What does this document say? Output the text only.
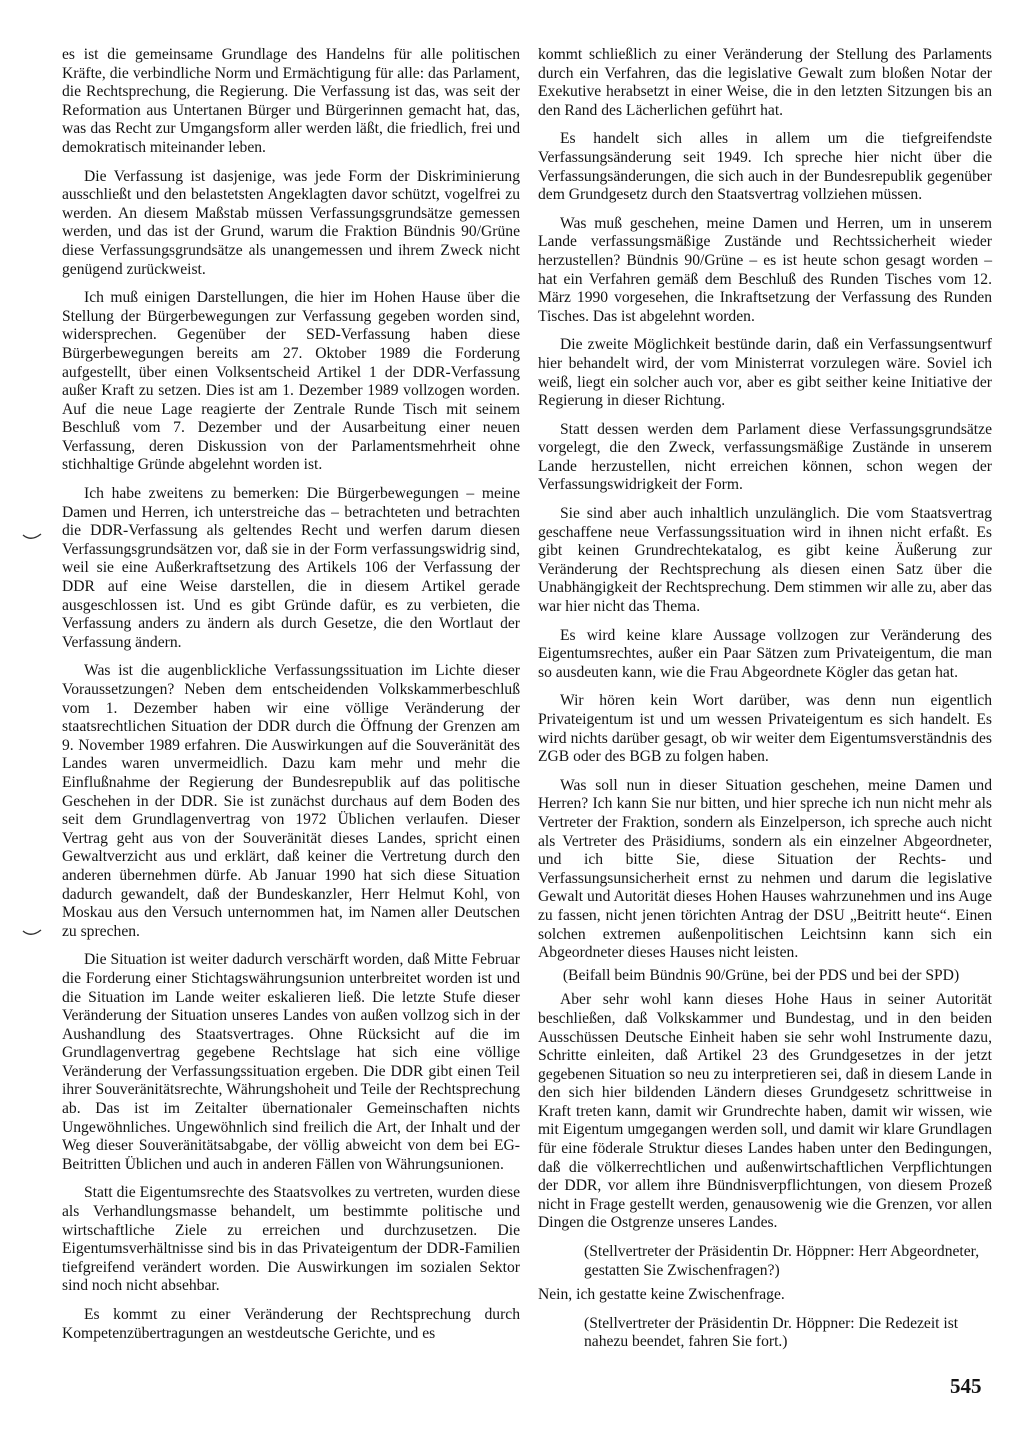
es ist die gemeinsame Grundlage des Handelns für alle politischen Kräfte, die verbindliche Norm und Ermächtigung für alle: das Parlament, die Rechtsprechung, die Regierung. Die Verfassung ist das, was seit der Reformation aus Untertanen Bürger und Bürgerinnen gemacht hat, das, was das Recht zur Umgangsform aller werden läßt, die friedlich, frei und demokratisch miteinander leben.

Die Verfassung ist dasjenige, was jede Form der Diskriminierung ausschließt und den belastetsten Angeklagten davor schützt, vogelfrei zu werden. An diesem Maßstab müssen Verfassungsgrundsätze gemessen werden, und das ist der Grund, warum die Fraktion Bündnis 90/Grüne diese Verfassungsgrundsätze als unangemessen und ihrem Zweck nicht genügend zurückweist.

Ich muß einigen Darstellungen, die hier im Hohen Hause über die Stellung der Bürgerbewegungen zur Verfassung gegeben worden sind, widersprechen. Gegenüber der SED-Verfassung haben diese Bürgerbewegungen bereits am 27. Oktober 1989 die Forderung aufgestellt, über einen Volksentscheid Artikel 1 der DDR-Verfassung außer Kraft zu setzen. Dies ist am 1. Dezember 1989 vollzogen worden. Auf die neue Lage reagierte der Zentrale Runde Tisch mit seinem Beschluß vom 7. Dezember und der Ausarbeitung einer neuen Verfassung, deren Diskussion von der Parlamentsmehrheit ohne stichhaltige Gründe abgelehnt worden ist.

Ich habe zweitens zu bemerken: Die Bürgerbewegungen – meine Damen und Herren, ich unterstreiche das – betrachteten und betrachten die DDR-Verfassung als geltendes Recht und werfen darum diesen Verfassungsgrundsätzen vor, daß sie in der Form verfassungswidrig sind, weil sie eine Außerkraftsetzung des Artikels 106 der Verfassung der DDR auf eine Weise darstellen, die in diesem Artikel gerade ausgeschlossen ist. Und es gibt Gründe dafür, es zu verbieten, die Verfassung anders zu ändern als durch Gesetze, die den Wortlaut der Verfassung ändern.

Was ist die augenblickliche Verfassungssituation im Lichte dieser Voraussetzungen? Neben dem entscheidenden Volkskammerbeschluß vom 1. Dezember haben wir eine völlige Veränderung der staatsrechtlichen Situation der DDR durch die Öffnung der Grenzen am 9. November 1989 erfahren. Die Auswirkungen auf die Souveränität des Landes waren unvermeidlich. Dazu kam mehr und mehr die Einflußnahme der Regierung der Bundesrepublik auf das politische Geschehen in der DDR. Sie ist zunächst durchaus auf dem Boden des seit dem Grundlagenvertrag von 1972 Üblichen verlaufen. Dieser Vertrag geht aus von der Souveränität dieses Landes, spricht einen Gewaltverzicht aus und erklärt, daß keiner die Vertretung durch den anderen übernehmen dürfe. Ab Januar 1990 hat sich diese Situation dadurch gewandelt, daß der Bundeskanzler, Herr Helmut Kohl, von Moskau aus den Versuch unternommen hat, im Namen aller Deutschen zu sprechen.

Die Situation ist weiter dadurch verschärft worden, daß Mitte Februar die Forderung einer Stichtagswährungsunion unterbreitet worden ist und die Situation im Lande weiter eskalieren ließ. Die letzte Stufe dieser Veränderung der Situation unseres Landes von außen vollzog sich in der Aushandlung des Staatsvertrages. Ohne Rücksicht auf die im Grundlagenvertrag gegebene Rechtslage hat sich eine völlige Veränderung der Verfassungssituation ergeben. Die DDR gibt einen Teil ihrer Souveränitätsrechte, Währungshoheit und Teile der Rechtsprechung ab. Das ist im Zeitalter übernationaler Gemeinschaften nichts Ungewöhnliches. Ungewöhnlich sind freilich die Art, der Inhalt und der Weg dieser Souveränitätsabgabe, der völlig abweicht von dem bei EG-Beitritten Üblichen und auch in anderen Fällen von Währungsunionen.

Statt die Eigentumsrechte des Staatsvolkes zu vertreten, wurden diese als Verhandlungsmasse behandelt, um bestimmte politische und wirtschaftliche Ziele zu erreichen und durchzusetzen. Die Eigentumsverhältnisse sind bis in das Privateigentum der DDR-Familien tiefgreifend verändert worden. Die Auswirkungen im sozialen Sektor sind noch nicht absehbar.

Es kommt zu einer Veränderung der Rechtsprechung durch Kompetenzübertragungen an westdeutsche Gerichte, und es

kommt schließlich zu einer Veränderung der Stellung des Parlaments durch ein Verfahren, das die legislative Gewalt zum bloßen Notar der Exekutive herabsetzt in einer Weise, die in den letzten Sitzungen bis an den Rand des Lächerlichen geführt hat.

Es handelt sich alles in allem um die tiefgreifendste Verfassungsänderung seit 1949. Ich spreche hier nicht über die Verfassungsänderungen, die sich auch in der Bundesrepublik gegenüber dem Grundgesetz durch den Staatsvertrag vollziehen müssen.

Was muß geschehen, meine Damen und Herren, um in unserem Lande verfassungsmäßige Zustände und Rechtssicherheit wieder herzustellen? Bündnis 90/Grüne – es ist heute schon gesagt worden – hat ein Verfahren gemäß dem Beschluß des Runden Tisches vom 12. März 1990 vorgesehen, die Inkraftsetzung der Verfassung des Runden Tisches. Das ist abgelehnt worden.

Die zweite Möglichkeit bestünde darin, daß ein Verfassungsentwurf hier behandelt wird, der vom Ministerrat vorzulegen wäre. Soviel ich weiß, liegt ein solcher auch vor, aber es gibt seither keine Initiative der Regierung in dieser Richtung.

Statt dessen werden dem Parlament diese Verfassungsgrundsätze vorgelegt, die den Zweck, verfassungsmäßige Zustände in unserem Lande herzustellen, nicht erreichen können, schon wegen der Verfassungswidrigkeit der Form.

Sie sind aber auch inhaltlich unzulänglich. Die vom Staatsvertrag geschaffene neue Verfassungssituation wird in ihnen nicht erfaßt. Es gibt keinen Grundrechtekatalog, es gibt keine Äußerung zur Veränderung der Rechtsprechung als diesen einen Satz über die Unabhängigkeit der Rechtsprechung. Dem stimmen wir alle zu, aber das war hier nicht das Thema.

Es wird keine klare Aussage vollzogen zur Veränderung des Eigentumsrechtes, außer ein Paar Sätzen zum Privateigentum, die man so ausdeuten kann, wie die Frau Abgeordnete Kögler das getan hat.

Wir hören kein Wort darüber, was denn nun eigentlich Privateigentum ist und um wessen Privateigentum es sich handelt. Es wird nichts darüber gesagt, ob wir weiter dem Eigentumsverständnis des ZGB oder des BGB zu folgen haben.

Was soll nun in dieser Situation geschehen, meine Damen und Herren? Ich kann Sie nur bitten, und hier spreche ich nun nicht mehr als Vertreter der Fraktion, sondern als Einzelperson, ich spreche auch nicht als Vertreter des Präsidiums, sondern als ein einzelner Abgeordneter, und ich bitte Sie, diese Situation der Rechts- und Verfassungsunsicherheit ernst zu nehmen und darum die legislative Gewalt und Autorität dieses Hohen Hauses wahrzunehmen und ins Auge zu fassen, nicht jenen törichten Antrag der DSU „Beitritt heute“. Einen solchen extremen außenpolitischen Leichtsinn kann sich ein Abgeordneter dieses Hauses nicht leisten.

(Beifall beim Bündnis 90/Grüne, bei der PDS und bei der SPD)

Aber sehr wohl kann dieses Hohe Haus in seiner Autorität beschließen, daß Volkskammer und Bundestag, und in den beiden Ausschüssen Deutsche Einheit haben sie sehr wohl Instrumente dazu, Schritte einleiten, daß Artikel 23 des Grundgesetzes in der jetzt gegebenen Situation so neu zu interpretieren sei, daß in diesem Lande in den sich hier bildenden Ländern dieses Grundgesetz schrittweise in Kraft treten kann, damit wir Grundrechte haben, damit wir wissen, wie mit Eigentum umgegangen werden soll, und damit wir klare Grundlagen für eine föderale Struktur dieses Landes haben unter den Bedingungen, daß die völkerrechtlichen und außenwirtschaftlichen Verpflichtungen der DDR, vor allem ihre Bündnisverpflichtungen, von diesem Prozeß nicht in Frage gestellt werden, genausowenig wie die Grenzen, vor allen Dingen die Ostgrenze unseres Landes.

(Stellvertreter der Präsidentin Dr. Höppner: Herr Abgeordneter, gestatten Sie Zwischenfragen?)

Nein, ich gestatte keine Zwischenfrage.

(Stellvertreter der Präsidentin Dr. Höppner: Die Redezeit ist nahezu beendet, fahren Sie fort.)

545
